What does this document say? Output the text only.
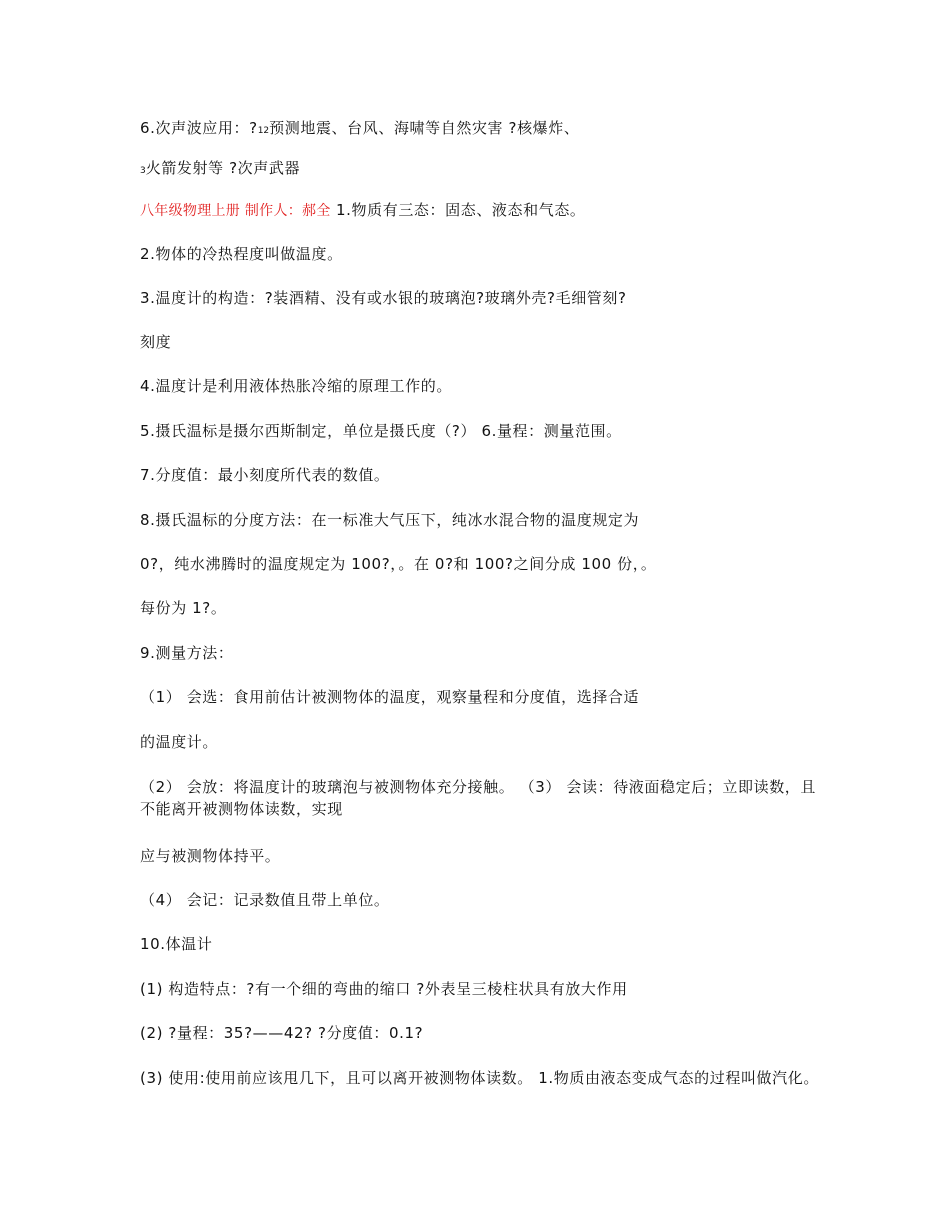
6.次声波应用：?12预测地震、台风、海啸等自然灾害 ?核爆炸、
3火箭发射等 ?次声武器
八年级物理上册 制作人：郝全 1.物质有三态：固态、液态和气态。
2.物体的冷热程度叫做温度。
3.温度计的构造：?装酒精、没有或水银的玻璃泡?玻璃外壳?毛细管刻?
刻度
4.温度计是利用液体热胀冷缩的原理工作的。
5.摄氏温标是摄尔西斯制定，单位是摄氏度（?） 6.量程：测量范围。
7.分度值：最小刻度所代表的数值。
8.摄氏温标的分度方法：在一标准大气压下，纯冰水混合物的温度规定为
0?，纯水沸腾时的温度规定为 100?，。在 0?和 100?之间分成 100 份，。
每份为 1?。
9.测量方法：
（1） 会选：食用前估计被测物体的温度，观察量程和分度值，选择合适
的温度计。
（2） 会放：将温度计的玻璃泡与被测物体充分接触。 （3） 会读：待液面稳定后；立即读数，且不能离开被测物体读数，实现
应与被测物体持平。
（4） 会记：记录数值且带上单位。
10.体温计
(1) 构造特点：?有一个细的弯曲的缩口 ?外表呈三棱柱状具有放大作用
(2) ?量程：35?——42? ?分度值：0.1?
(3) 使用:使用前应该甩几下，且可以离开被测物体读数。 1.物质由液态变成气态的过程叫做汽化。
